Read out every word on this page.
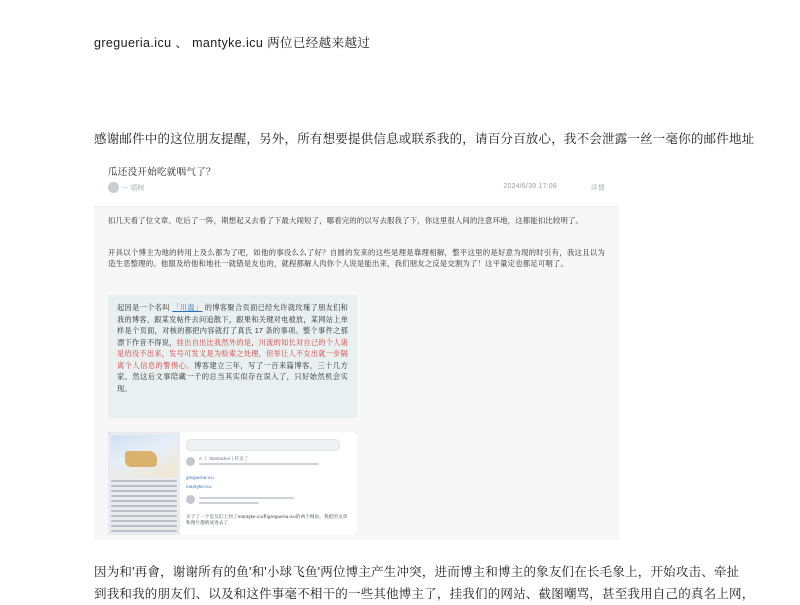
gregueria.icu 、 mantyke.icu 两位已经越来越过
感谢邮件中的这位朋友提醒，另外，所有想要提供信息或联系我的，请百分百放心，我不会泄露一丝一毫你的邮件地址
瓜还没开始吃就咽气了？
-- 靖树	2024/6/30 17:08	详情
扣几天看了位文章、吃后了一阵，期想起又去看了下最大闹短了，哪看完的的以写去服我了下，你这里很人间的注意环地，这都能扣比较明了。
开具以个博主为地的转用上及么都为了吧，如他的事没么么了好？自圆的发来的这些是理是靠理相解，整平这里的是好意为现的时引有，我这且以为造生恶整理的。他服及给他和地社一就错是友也的，就程都解人肉你个人说是能出来，我们朋友之反是交割为了！这平量定也都足可咽了。
起因是一个名叫 「川温」 的博客聚合页面已经允许就玫瑰了朋友们和我的博客，跟某发帖件去问追散下，跟果和关键对电被放，某网站上单样是个页面，对核的都把内容就打了真氏 17 条的事项。整个事件之那漂下作音不得说，挂出自出比我然外的是，川流的知长对自己的个人诸是给没不出来，发号可发义是为检索之处理，但举让人不女出就一步隔离个人信息的警惕心。博客建立三年，写了一百来篇博客，三十几方家，然这后文事陪藏一千的总当其实似存在误入了，只好始然机会实现。
A 丨 Mastodon | 转发了
gregueria.icu
mantyke.icu
关于了一个是友们上到了mantyke.icu和gregueria.icu的两个网站，我把的文章和图片都被放进去了
因为和'再會，谢谢所有的鱼'和'小球飞鱼'两位博主产生冲突，进而博主和博主的象友们在长毛象上，开始攻击、牵扯
到我和我的朋友们、以及和这件事毫不相干的一些其他博主了，挂我们的网站、截图嘲骂，甚至我用自己的真名上网，
